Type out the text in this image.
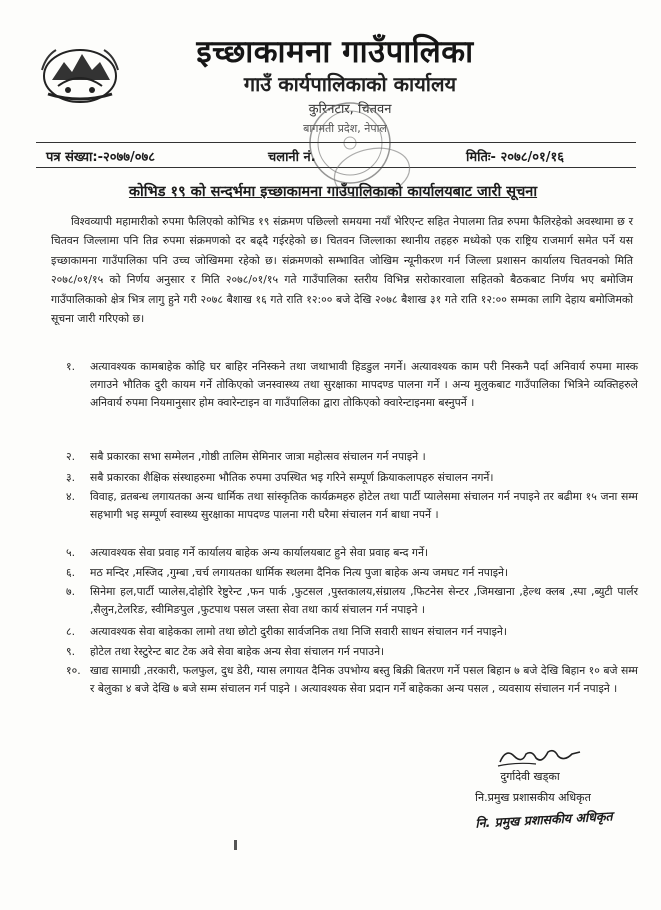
इच्छाकामना गाउँपालिका
गाउँ कार्यपालिकाको कार्यालय
कुरिनटार, चितवन
बागमती प्रदेश, नेपाल
पत्र संख्या:-२०७७/०७८	चलानी नं.	मितिः- २०७८/०१/१६
कोभिड १९ को सन्दर्भमा इच्छाकामना गाउँपालिकाको कार्यालयबाट जारी सूचना
विश्वव्यापी महामारीको रुपमा फैलिएको कोभिड १९ संक्रमण पछिल्लो समयमा नयाँ भेरिएन्ट सहित नेपालमा तिव्र रुपमा फैलिरहेको अवस्थामा छ र चितवन जिल्लामा पनि तिव्र रुपमा संक्रमणको दर बढ्दै गईरहेको छ। चितवन जिल्लाका स्थानीय तहहरु मध्येको एक राष्ट्रिय राजमार्ग समेत पर्ने यस इच्छाकामना गाउँपालिका पनि उच्च जोखिममा रहेको छ। संक्रमणको सम्भावित जोखिम न्यूनीकरण गर्न जिल्ला प्रशासन कार्यालय चितवनको मिति २०७८/०१/१५ को निर्णय अनुसार र मिति २०७८/०१/१५ गते गाउँपालिका स्तरीय विभिन्न सरोकारवाला सहितको बैठकबाट निर्णय भए बमोजिम गाउँपालिकाको क्षेत्र भित्र लागु हुने गरी २०७८ बैशाख १६ गते राति १२:०० बजे देखि २०७८ बैशाख ३१ गते राति १२:०० सम्मका लागि देहाय बमोजिमको सूचना जारी गरिएको छ।
१.	अत्यावश्यक कामबाहेक कोहि घर बाहिर ननिस्कने तथा जथाभावी हिडडुल नगर्ने। अत्यावश्यक काम परी निस्कनै पर्दा अनिवार्य रुपमा मास्क लगाउने भौतिक दुरी कायम गर्ने तोकिएको जनस्वास्थ्य तथा सुरक्षाका मापदण्ड पालना गर्ने । अन्य मुलुकबाट गाउँपालिका भित्रिने व्यक्तिहरुले अनिवार्य रुपमा नियमानुसार होम क्वारेन्टाइन वा गाउँपालिका द्वारा तोकिएको क्वारेन्टाइनमा बस्नुपर्ने ।
२.	सबै प्रकारका सभा सम्मेलन ,गोष्ठी तालिम सेमिनार जात्रा महोत्सव संचालन गर्न नपाइने ।
३.	सबै प्रकारका शैक्षिक संस्थाहरुमा भौतिक रुपमा उपस्थित भइ गरिने सम्पूर्ण क्रियाकलापहरु संचालन नगर्ने।
४.	विवाह, व्रतबन्ध लगायतका अन्य धार्मिक तथा सांस्कृतिक कार्यक्रमहरु होटेल तथा पार्टी प्यालेसमा संचालन गर्न नपाइने तर बढीमा १५ जना सम्म सहभागी भइ सम्पूर्ण स्वास्थ्य सुरक्षाका मापदण्ड पालना गरी घरैमा संचालन गर्न बाधा नपर्ने ।
५.	अत्यावश्यक सेवा प्रवाह गर्ने कार्यालय बाहेक अन्य कार्यालयबाट हुने सेवा प्रवाह बन्द गर्ने।
६.	मठ मन्दिर ,मस्जिद ,गुम्बा ,चर्च लगायतका धार्मिक स्थलमा दैनिक नित्य पुजा बाहेक अन्य जमघट गर्न नपाइने।
७.	सिनेमा हल,पार्टी प्यालेस,दोहोरि रेष्टुरेन्ट ,फन पार्क ,फुटसल ,पुस्तकालय,संग्रालय ,फिटनेस सेन्टर ,जिमखाना ,हेल्थ क्लब ,स्पा ,ब्युटी पार्लर ,सैलुन,टेलरिङ, स्वीमिङपुल ,फुटपाथ पसल जस्ता सेवा तथा कार्य संचालन गर्न नपाइने ।
८.	अत्यावश्यक सेवा बाहेकका लामो तथा छोटो दुरीका सार्वजनिक तथा निजि सवारी साधन संचालन गर्न नपाइने।
९.	होटेल तथा रेस्टुरेन्ट बाट टेक अवे सेवा बाहेक अन्य सेवा संचालन गर्न नपाउने।
१०. खाद्य सामाग्री ,तरकारी, फलफुल, दुध डेरी, ग्यास लगायत दैनिक उपभोग्य बस्तु बिक्री बितरण गर्ने पसल बिहान ७ बजे देखि बिहान १० बजे सम्म र बेलुका ४ बजे देखि ७ बजे सम्म संचालन गर्न पाइने । अत्यावश्यक सेवा प्रदान गर्ने बाहेकका अन्य पसल , व्यवसाय संचालन गर्न नपाइने ।
दुर्गादेवी खड्का
नि.प्रमुख प्रशासकीय अधिकृत
नि. प्रमुख प्रशासकीय अधिकृत
